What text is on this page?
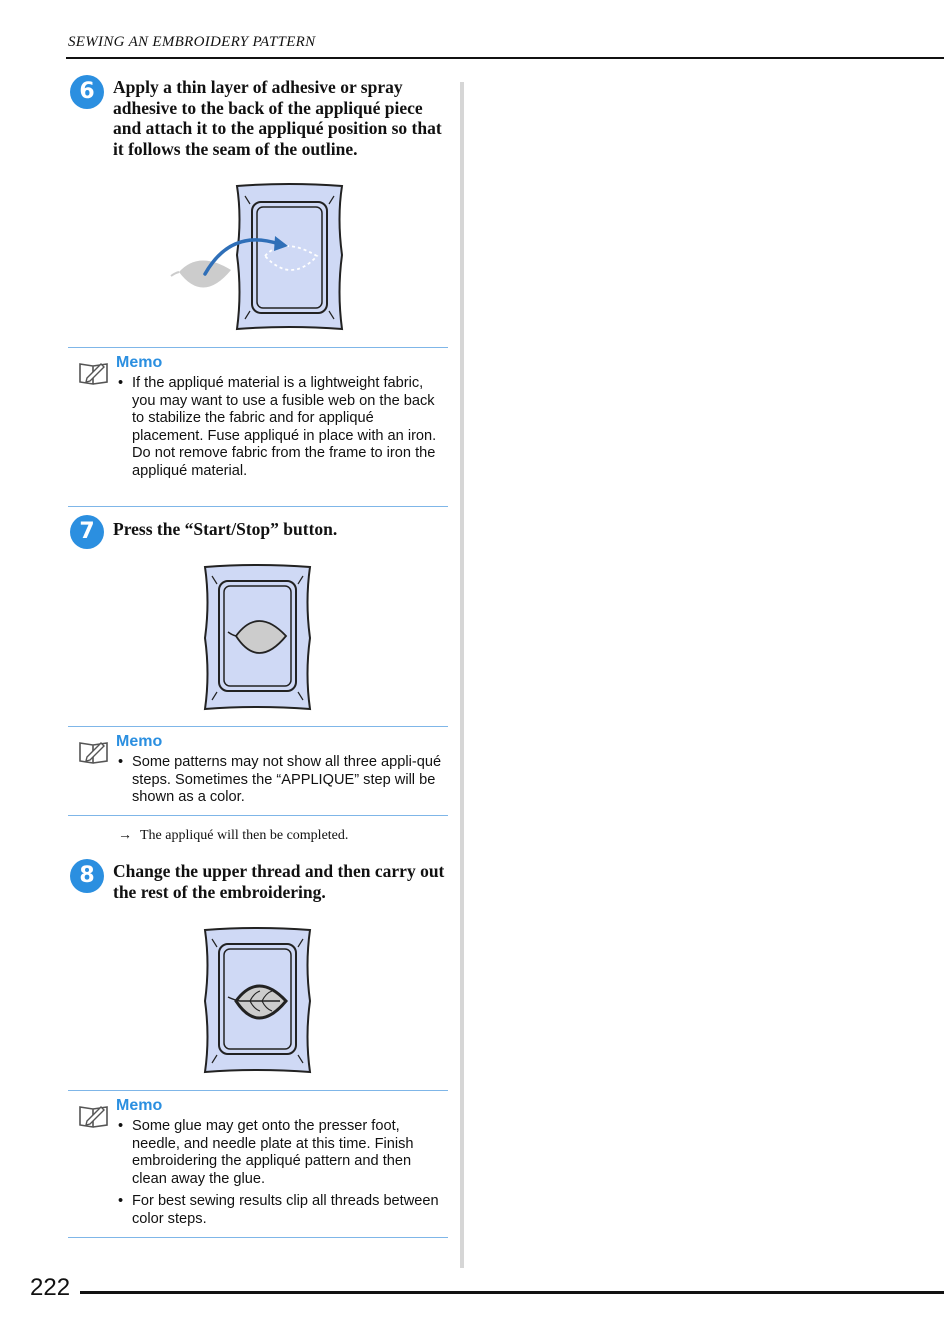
SEWING AN EMBROIDERY PATTERN
6	Apply a thin layer of adhesive or spray adhesive to the back of the appliqué piece and attach it to the appliqué position so that it follows the seam of the outline.
Memo
• If the appliqué material is a lightweight fabric, you may want to use a fusible web on the back to stabilize the fabric and for appliqué placement. Fuse appliqué in place with an iron.
Do not remove fabric from the frame to iron the appliqué material.
7	Press the “Start/Stop” button.
Memo
• Some patterns may not show all three appli-qué steps. Sometimes the “APPLIQUE” step will be shown as a color.
→ The appliqué will then be completed.
8	Change the upper thread and then carry out the rest of the embroidering.
Memo
• Some glue may get onto the presser foot, needle, and needle plate at this time. Finish embroidering the appliqué pattern and then clean away the glue.
• For best sewing results clip all threads between color steps.
222
